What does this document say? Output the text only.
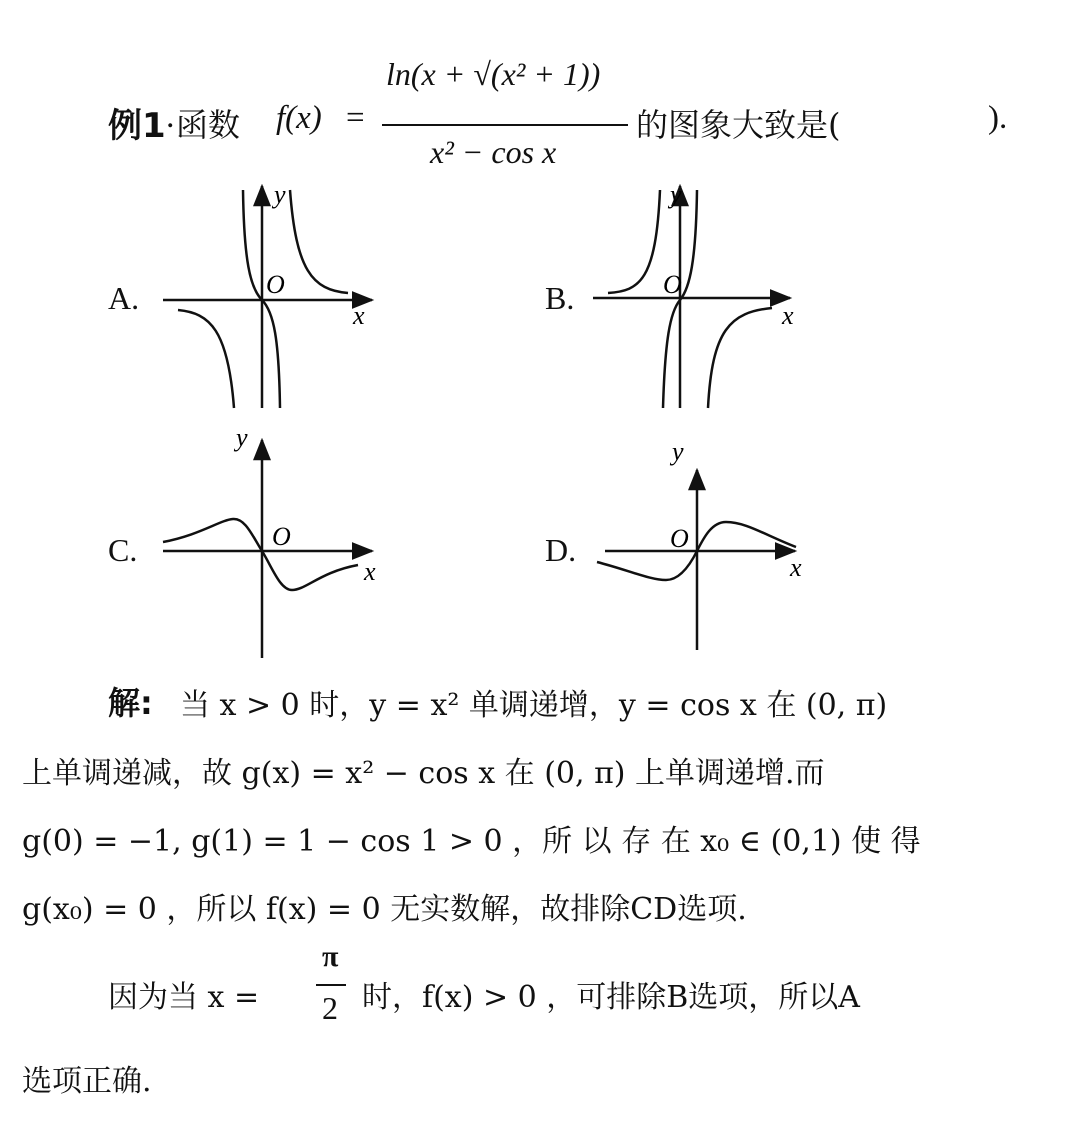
例1 . 函数 f(x) =
ln(x + √(x² + 1))
x² − cos x
的图象大致是(	).
A.	B.
C.	D.
x
y
O
x
y
O
x
y
O
x
y
O
解: 当 x > 0 时，y = x² 单调递增，y = cos x 在 (0, π)
上单调递减，故 g(x) = x² − cos x 在 (0, π) 上单调递增.而
g(0) = −1, g(1) = 1 − cos 1 > 0 ，所 以 存 在 x₀ ∈ (0,1) 使 得
g(x₀) = 0 ，所以 f(x) = 0 无实数解，故排除CD选项.
因为当 x =
π
2 时，f(x) > 0 ，可排除B选项，所以A
选项正确.
